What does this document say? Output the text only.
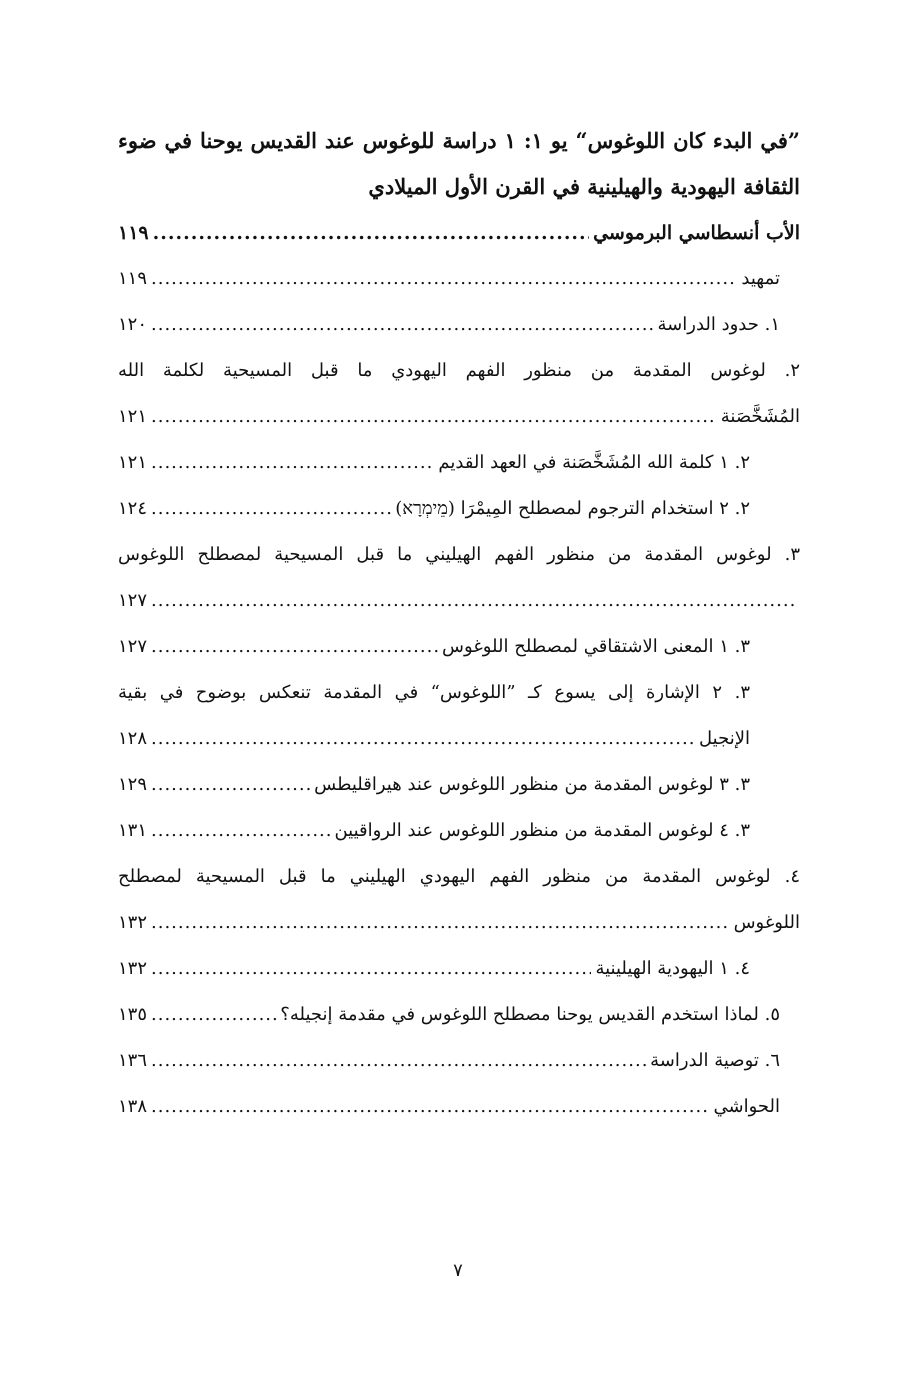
”في البدء كان اللوغوس“ يو ١: ١ دراسة للوغوس عند القديس يوحنا في ضوء الثقافة اليهودية والهيلينية في القرن الأول الميلادي

الأب أنسطاسي البرموسي
.....
١١٩
تمهيد
.....
١١٩
١. حدود الدراسة
.....
١٢٠
٢. لوغوس المقدمة من منظور الفهم اليهودي ما قبل المسيحية لكلمة الله
المُشَخَّصَنة
.....
١٢١
٢. ١ كلمة الله المُشَخَّصَنة في العهد القديم
.....
١٢١
٢. ٢ استخدام الترجوم لمصطلح المِيمْرَا (מֵימְרָא)
.....
١٢٤
٣. لوغوس المقدمة من منظور الفهم الهيليني ما قبل المسيحية لمصطلح اللوغوس
.....
١٢٧
٣. ١ المعنى الاشتقاقي لمصطلح اللوغوس
.....
١٢٧
٣. ٢ الإشارة إلى يسوع كـ ”اللوغوس“ في المقدمة تنعكس بوضوح في بقية
الإنجيل
.....
١٢٨
٣. ٣ لوغوس المقدمة من منظور اللوغوس عند هيراقليطس
.....
١٢٩
٣. ٤ لوغوس المقدمة من منظور اللوغوس عند الرواقيين
.....
١٣١
٤. لوغوس المقدمة من منظور الفهم اليهودي الهيليني ما قبل المسيحية لمصطلح
اللوغوس
.....
١٣٢
٤. ١ اليهودية الهيلينية
.....
١٣٢
٥. لماذا استخدم القديس يوحنا مصطلح اللوغوس في مقدمة إنجيله؟
.....
١٣٥
٦. توصية الدراسة
.....
١٣٦
الحواشي
.....
١٣٨
٧
